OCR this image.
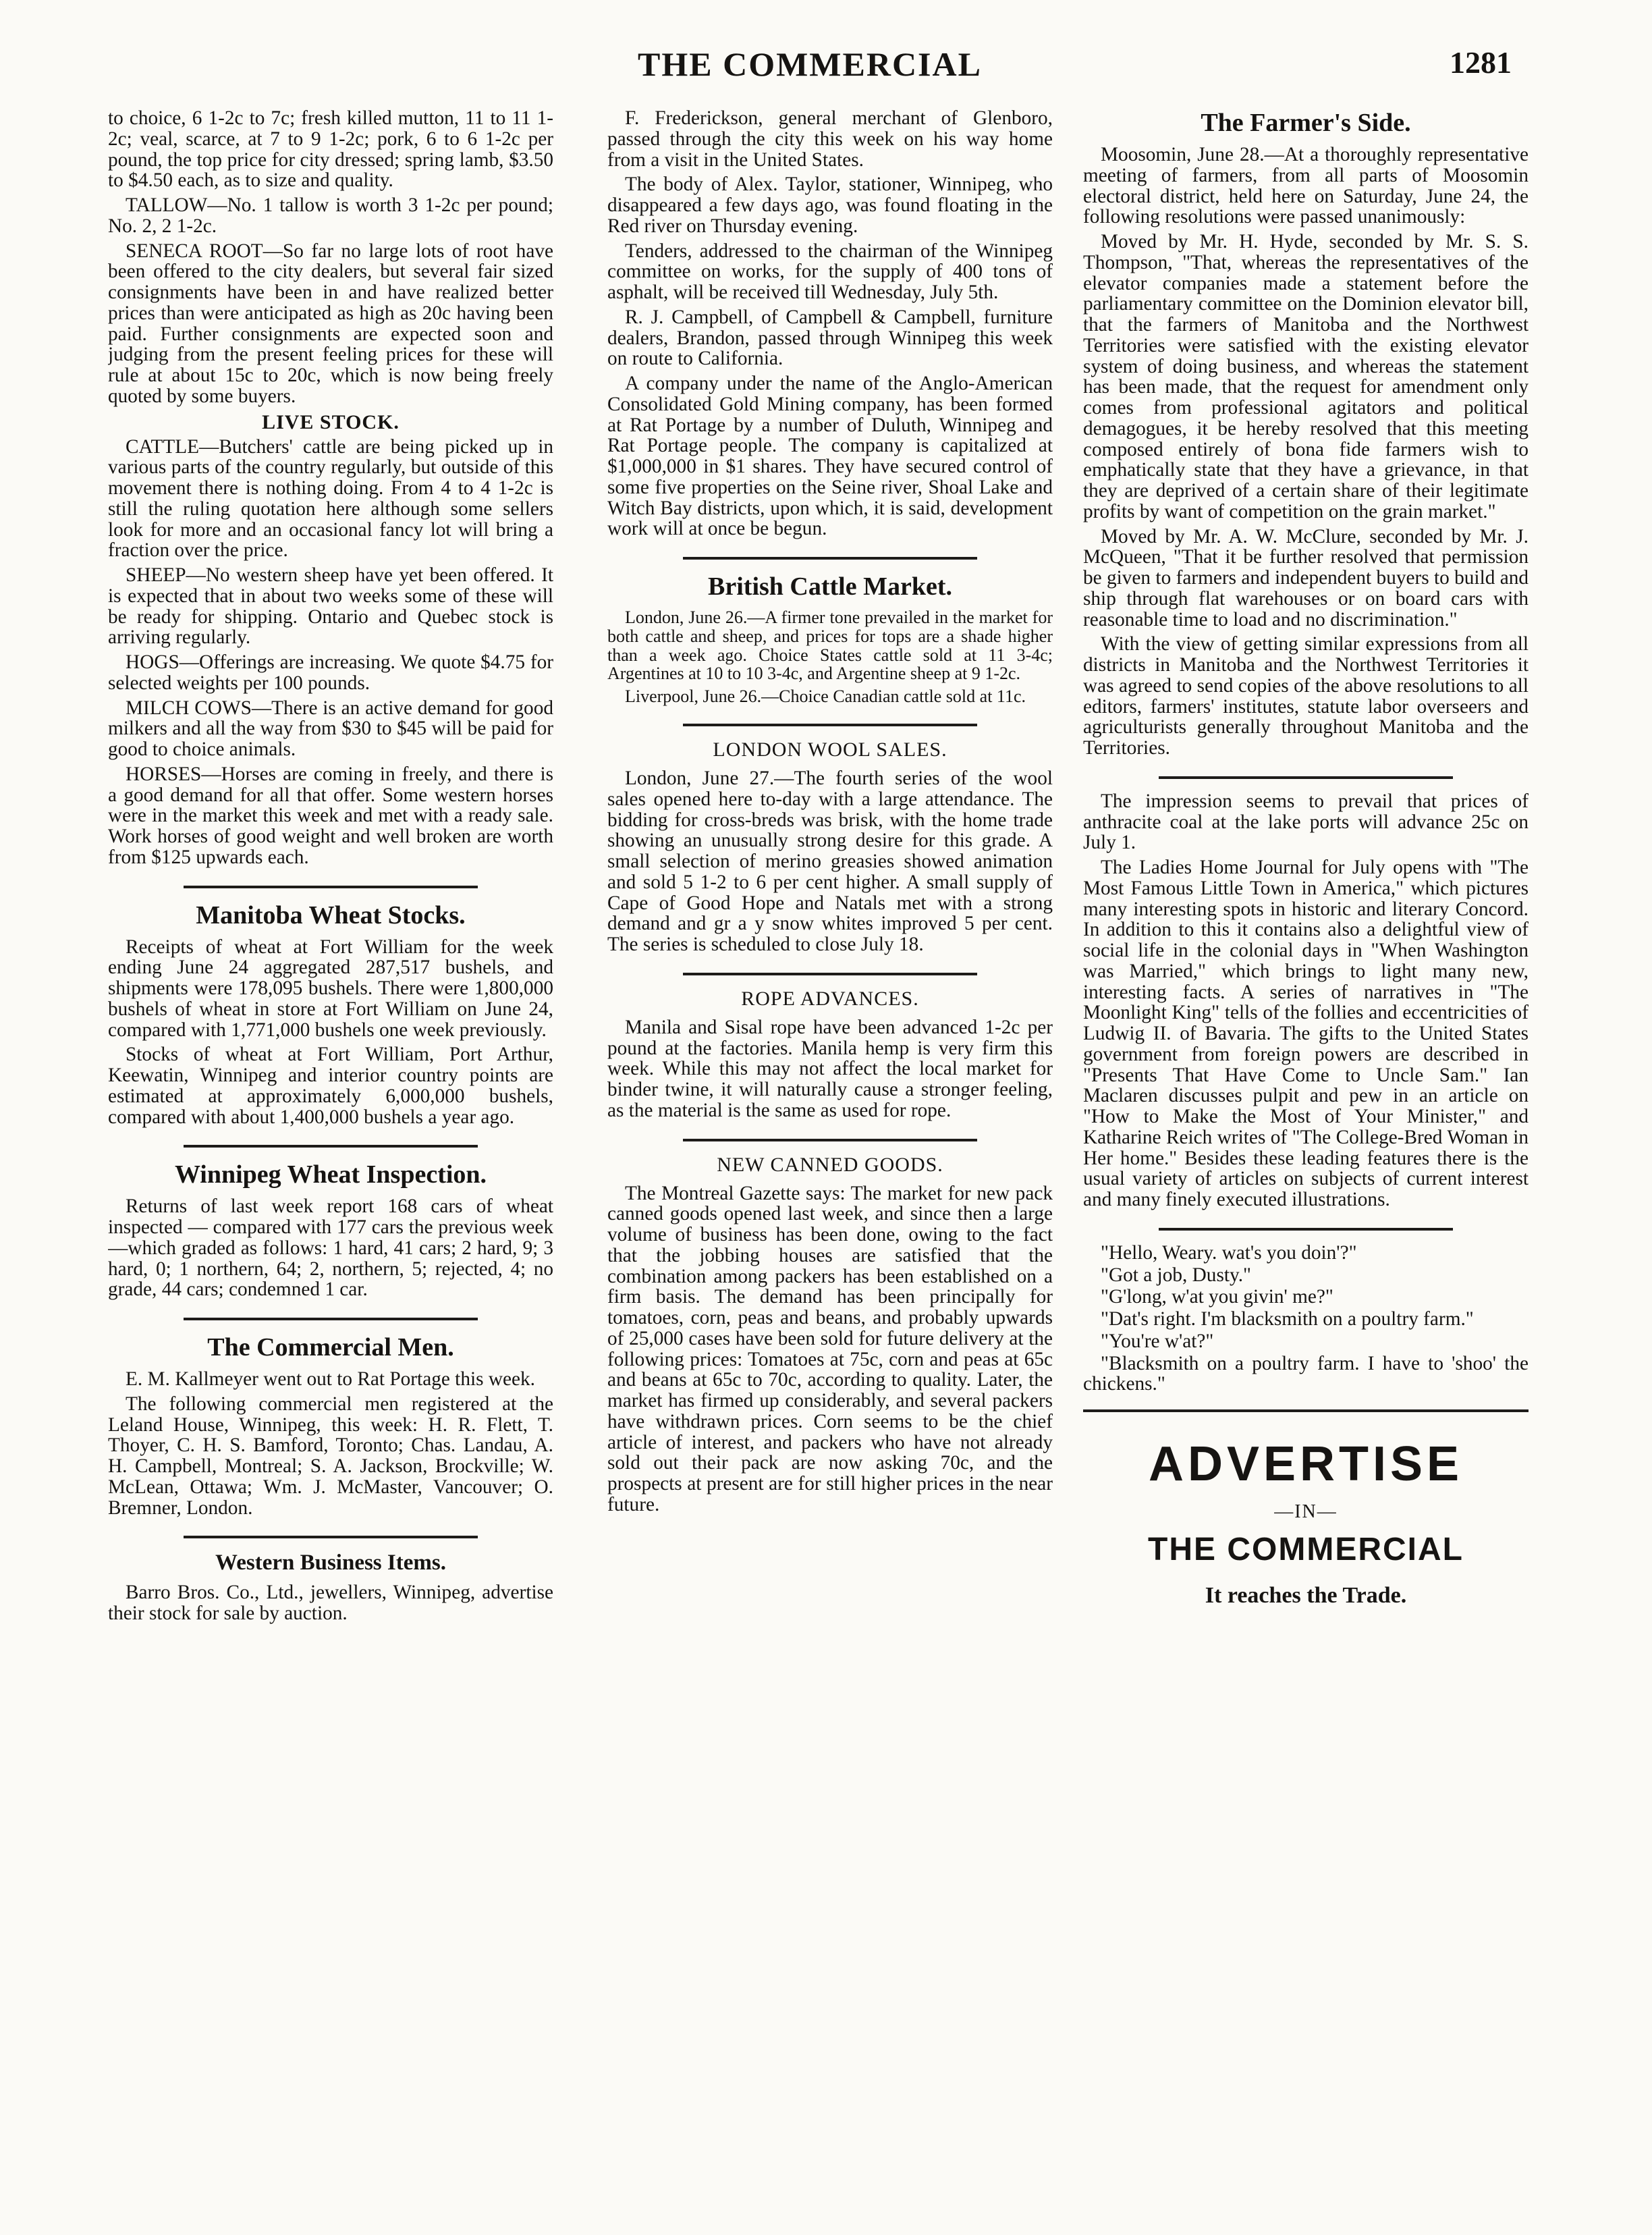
THE COMMERCIAL	1281

to choice, 6 1-2c to 7c; fresh killed mutton, 11 to 11 1-2c; veal, scarce, at 7 to 9 1-2c; pork, 6 to 6 1-2c per pound, the top price for city dressed; spring lamb, $3.50 to $4.50 each, as to size and quality.

TALLOW—No. 1 tallow is worth 3 1-2c per pound; No. 2, 2 1-2c.

SENECA ROOT—So far no large lots of root have been offered to the city dealers, but several fair sized consignments have been in and have realized better prices than were anticipated as high as 20c having been paid. Further consignments are expected soon and judging from the present feeling prices for these will rule at about 15c to 20c, which is now being freely quoted by some buyers.

LIVE STOCK.

CATTLE—Butchers' cattle are being picked up in various parts of the country regularly, but outside of this movement there is nothing doing. From 4 to 4 1-2c is still the ruling quotation here although some sellers look for more and an occasional fancy lot will bring a fraction over the price.

SHEEP—No western sheep have yet been offered. It is expected that in about two weeks some of these will be ready for shipping. Ontario and Quebec stock is arriving regularly.

HOGS—Offerings are increasing. We quote $4.75 for selected weights per 100 pounds.

MILCH COWS—There is an active demand for good milkers and all the way from $30 to $45 will be paid for good to choice animals.

HORSES—Horses are coming in freely, and there is a good demand for all that offer. Some western horses were in the market this week and met with a ready sale. Work horses of good weight and well broken are worth from $125 upwards each.

Manitoba Wheat Stocks.

Receipts of wheat at Fort William for the week ending June 24 aggregated 287,517 bushels, and shipments were 178,095 bushels. There were 1,800,000 bushels of wheat in store at Fort William on June 24, compared with 1,771,000 bushels one week previously.

Stocks of wheat at Fort William, Port Arthur, Keewatin, Winnipeg and interior country points are estimated at approximately 6,000,000 bushels, compared with about 1,400,000 bushels a year ago.

Winnipeg Wheat Inspection.

Returns of last week report 168 cars of wheat inspected — compared with 177 cars the previous week—which graded as follows: 1 hard, 41 cars; 2 hard, 9; 3 hard, 0; 1 northern, 64; 2, northern, 5; rejected, 4; no grade, 44 cars; condemned 1 car.

The Commercial Men.

E. M. Kallmeyer went out to Rat Portage this week.

The following commercial men registered at the Leland House, Winnipeg, this week: H. R. Flett, T. Thoyer, C. H. S. Bamford, Toronto; Chas. Landau, A. H. Campbell, Montreal; S. A. Jackson, Brockville; W. McLean, Ottawa; Wm. J. McMaster, Vancouver; O. Bremner, London.

Western Business Items.

Barro Bros. Co., Ltd., jewellers, Winnipeg, advertise their stock for sale by auction.

F. Frederickson, general merchant of Glenboro, passed through the city this week on his way home from a visit in the United States.

The body of Alex. Taylor, stationer, Winnipeg, who disappeared a few days ago, was found floating in the Red river on Thursday evening.

Tenders, addressed to the chairman of the Winnipeg committee on works, for the supply of 400 tons of asphalt, will be received till Wednesday, July 5th.

R. J. Campbell, of Campbell & Campbell, furniture dealers, Brandon, passed through Winnipeg this week on route to California.

A company under the name of the Anglo-American Consolidated Gold Mining company, has been formed at Rat Portage by a number of Duluth, Winnipeg and Rat Portage people. The company is capitalized at $1,000,000 in $1 shares. They have secured control of some five properties on the Seine river, Shoal Lake and Witch Bay districts, upon which, it is said, development work will at once be begun.

British Cattle Market.

London, June 26.—A firmer tone prevailed in the market for both cattle and sheep, and prices for tops are a shade higher than a week ago. Choice States cattle sold at 11 3-4c; Argentines at 10 to 10 3-4c, and Argentine sheep at 9 1-2c.

Liverpool, June 26.—Choice Canadian cattle sold at 11c.

LONDON WOOL SALES.

London, June 27.—The fourth series of the wool sales opened here to-day with a large attendance. The bidding for cross-breds was brisk, with the home trade showing an unusually strong desire for this grade. A small selection of merino greasies showed animation and sold 5 1-2 to 6 per cent higher. A small supply of Cape of Good Hope and Natals met with a strong demand and gr a y snow whites improved 5 per cent. The series is scheduled to close July 18.

ROPE ADVANCES.

Manila and Sisal rope have been advanced 1-2c per pound at the factories. Manila hemp is very firm this week. While this may not affect the local market for binder twine, it will naturally cause a stronger feeling, as the material is the same as used for rope.

NEW CANNED GOODS.

The Montreal Gazette says: The market for new pack canned goods opened last week, and since then a large volume of business has been done, owing to the fact that the jobbing houses are satisfied that the combination among packers has been established on a firm basis. The demand has been principally for tomatoes, corn, peas and beans, and probably upwards of 25,000 cases have been sold for future delivery at the following prices: Tomatoes at 75c, corn and peas at 65c and beans at 65c to 70c, according to quality. Later, the market has firmed up considerably, and several packers have withdrawn prices. Corn seems to be the chief article of interest, and packers who have not already sold out their pack are now asking 70c, and the prospects at present are for still higher prices in the near future.

The Farmer's Side.

Moosomin, June 28.—At a thoroughly representative meeting of farmers, from all parts of Moosomin electoral district, held here on Saturday, June 24, the following resolutions were passed unanimously:

Moved by Mr. H. Hyde, seconded by Mr. S. S. Thompson, "That, whereas the representatives of the elevator companies made a statement before the parliamentary committee on the Dominion elevator bill, that the farmers of Manitoba and the Northwest Territories were satisfied with the existing elevator system of doing business, and whereas the statement has been made, that the request for amendment only comes from professional agitators and political demagogues, it be hereby resolved that this meeting composed entirely of bona fide farmers wish to emphatically state that they have a grievance, in that they are deprived of a certain share of their legitimate profits by want of competition on the grain market."

Moved by Mr. A. W. McClure, seconded by Mr. J. McQueen, "That it be further resolved that permission be given to farmers and independent buyers to build and ship through flat warehouses or on board cars with reasonable time to load and no discrimination."

With the view of getting similar expressions from all districts in Manitoba and the Northwest Territories it was agreed to send copies of the above resolutions to all editors, farmers' institutes, statute labor overseers and agriculturists generally throughout Manitoba and the Territories.

The impression seems to prevail that prices of anthracite coal at the lake ports will advance 25c on July 1.

The Ladies Home Journal for July opens with "The Most Famous Little Town in America," which pictures many interesting spots in historic and literary Concord. In addition to this it contains also a delightful view of social life in the colonial days in "When Washington was Married," which brings to light many new, interesting facts. A series of narratives in "The Moonlight King" tells of the follies and eccentricities of Ludwig II. of Bavaria. The gifts to the United States government from foreign powers are described in "Presents That Have Come to Uncle Sam." Ian Maclaren discusses pulpit and pew in an article on "How to Make the Most of Your Minister," and Katharine Reich writes of "The College-Bred Woman in Her home." Besides these leading features there is the usual variety of articles on subjects of current interest and many finely executed illustrations.

"Hello, Weary. wat's you doin'?"

"Got a job, Dusty."

"G'long, w'at you givin' me?"

"Dat's right. I'm blacksmith on a poultry farm."

"You're w'at?"

"Blacksmith on a poultry farm. I have to 'shoo' the chickens."

ADVERTISE
—IN—
THE COMMERCIAL
It reaches the Trade.
